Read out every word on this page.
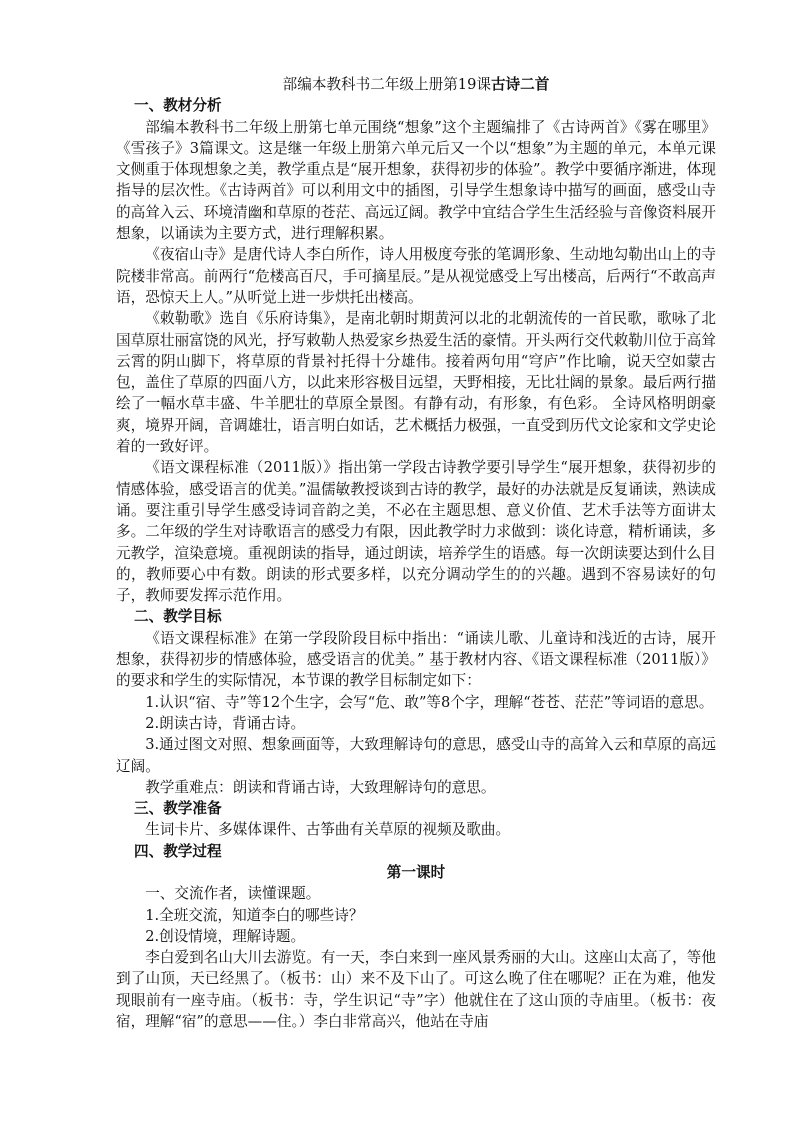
部编本教科书二年级上册第19课古诗二首
一、教材分析

部编本教科书二年级上册第七单元围绕“想象”这个主题编排了《古诗两首》《雾在哪里》《雪孩子》3篇课文。这是继一年级上册第六单元后又一个以“想象”为主题的单元，本单元课文侧重于体现想象之美，教学重点是“展开想象，获得初步的体验”。教学中要循序渐进，体现指导的层次性。《古诗两首》可以利用文中的插图，引导学生想象诗中描写的画面，感受山寺的高耸入云、环境清幽和草原的苍茫、高远辽阔。教学中宜结合学生生活经验与音像资料展开想象，以诵读为主要方式，进行理解积累。

《夜宿山寺》是唐代诗人李白所作，诗人用极度夸张的笔调形象、生动地勾勒出山上的寺院楼非常高。前两行“危楼高百尺，手可摘星辰。”是从视觉感受上写出楼高，后两行“不敢高声语，恐惊天上人。”从听觉上进一步烘托出楼高。

《敕勒歌》选自《乐府诗集》，是南北朝时期黄河以北的北朝流传的一首民歌，歌咏了北国草原壮丽富饶的风光，抒写敕勒人热爱家乡热爱生活的豪情。开头两行交代敕勒川位于高耸云霄的阴山脚下，将草原的背景衬托得十分雄伟。接着两句用“穹庐”作比喻，说天空如蒙古包，盖住了草原的四面八方，以此来形容极目远望，天野相接，无比壮阔的景象。最后两行描绘了一幅水草丰盛、牛羊肥壮的草原全景图。有静有动，有形象，有色彩。 全诗风格明朗豪爽，境界开阔，音调雄壮，语言明白如话，艺术概括力极强，一直受到历代文论家和文学史论着的一致好评。

《语文课程标准（2011版）》指出第一学段古诗教学要引导学生“展开想象，获得初步的情感体验，感受语言的优美。”温儒敏教授谈到古诗的教学，最好的办法就是反复诵读，熟读成诵。要注重引导学生感受诗词音韵之美，不必在主题思想、意义价值、艺术手法等方面讲太多。二年级的学生对诗歌语言的感受力有限，因此教学时力求做到：谈化诗意，精析诵读，多元教学，渲染意境。重视朗读的指导，通过朗读，培养学生的语感。每一次朗读要达到什么目的，教师要心中有数。朗读的形式要多样，以充分调动学生的的兴趣。遇到不容易读好的句子，教师要发挥示范作用。

二、教学目标

《语文课程标准》在第一学段阶段目标中指出：“诵读儿歌、儿童诗和浅近的古诗，展开想象，获得初步的情感体验，感受语言的优美。” 基于教材内容、《语文课程标准（2011版）》的要求和学生的实际情况，本节课的教学目标制定如下：

1.认识“宿、寺”等12个生字，会写“危、敢”等8个字，理解“苍苍、茫茫”等词语的意思。

2.朗读古诗，背诵古诗。

3.通过图文对照、想象画面等，大致理解诗句的意思，感受山寺的高耸入云和草原的高远辽阔。

教学重难点：朗读和背诵古诗，大致理解诗句的意思。

三、教学准备

生词卡片、多媒体课件、古筝曲有关草原的视频及歌曲。

四、教学过程
第一课时

一、交流作者，读懂课题。

1.全班交流，知道李白的哪些诗？

2.创设情境，理解诗题。

李白爱到名山大川去游览。有一天，李白来到一座风景秀丽的大山。这座山太高了，等他到了山顶，天已经黑了。（板书：山）来不及下山了。可这么晚了住在哪呢？正在为难，他发现眼前有一座寺庙。（板书：寺，学生识记“寺”字）他就住在了这山顶的寺庙里。（板书：夜宿，理解“宿”的意思——住。）李白非常高兴，他站在寺庙
